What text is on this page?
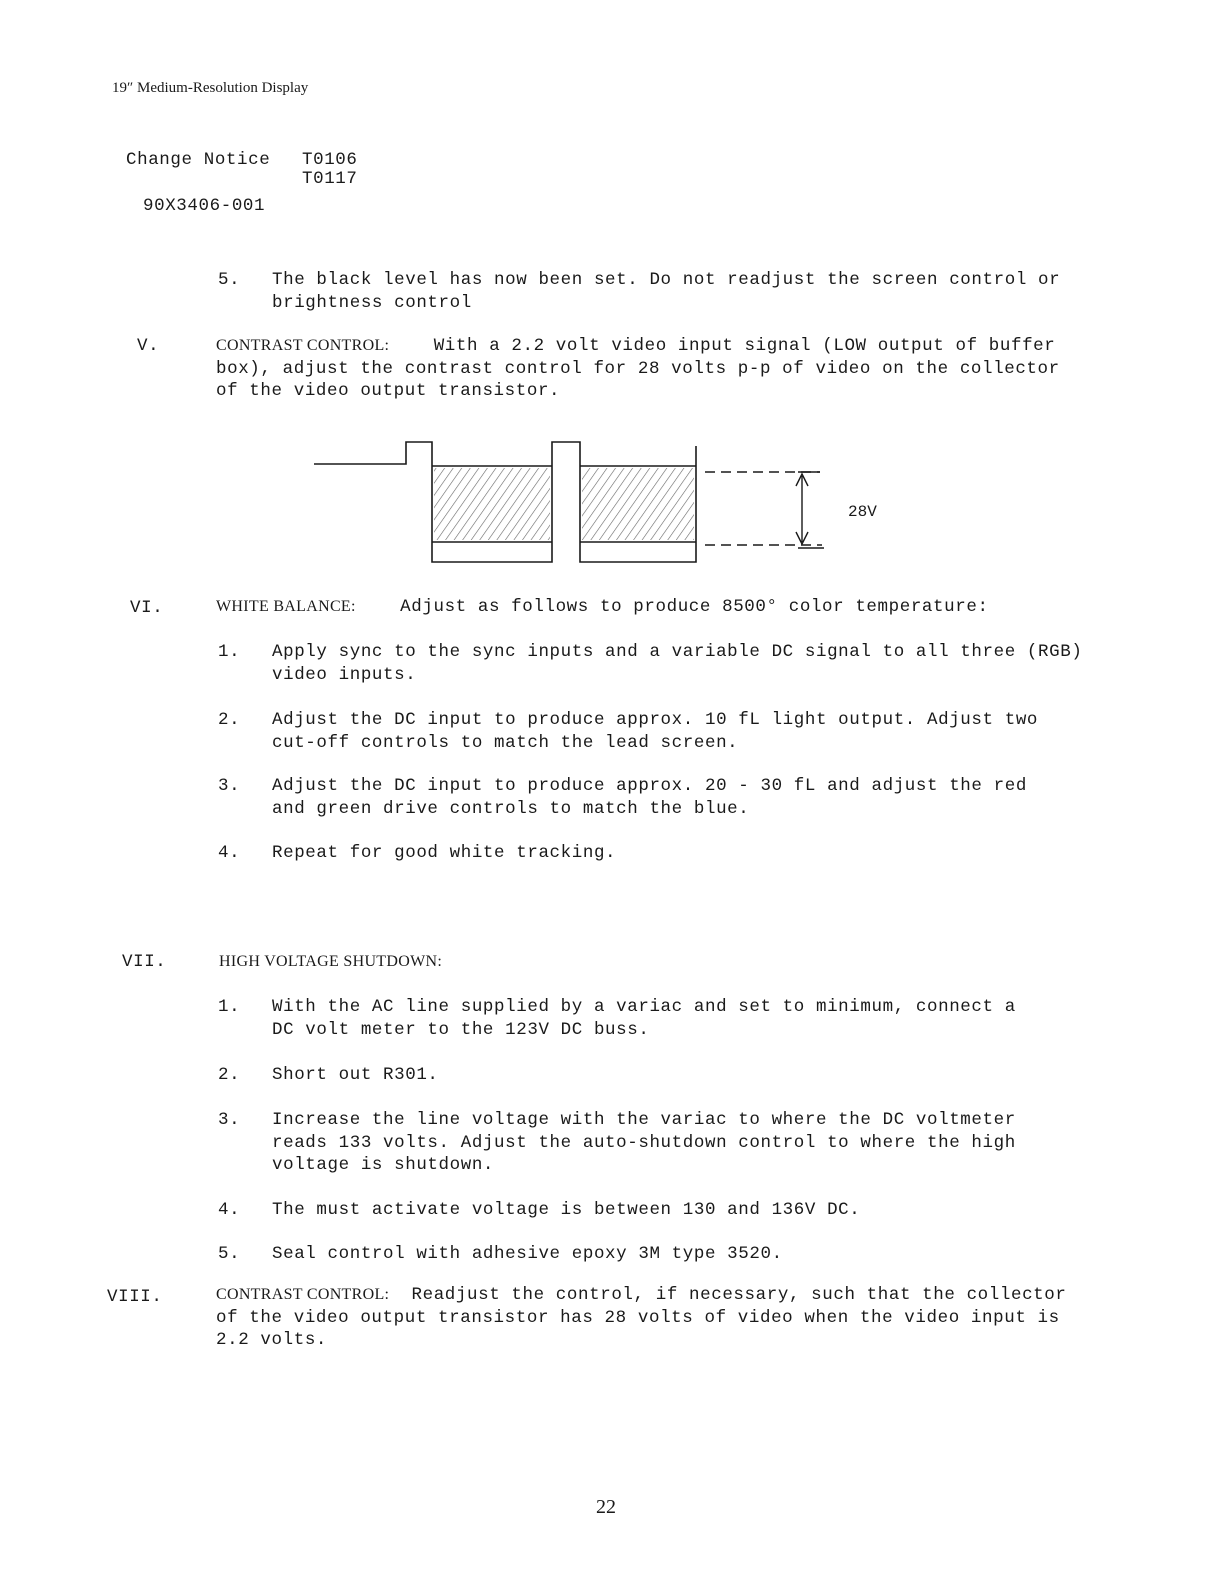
19″ Medium-Resolution Display
Change Notice T0106
T0117
90X3406-001
5. The black level has now been set. Do not readjust the screen control or brightness control
V.	CONTRAST CONTROL:	With a 2.2 volt video input signal (LOW output of buffer box), adjust the contrast control for 28 volts p-p of video on the collector of the video output transistor.
28V
VI.	WHITE BALANCE:	Adjust as follows to produce 8500° color temperature:
1. Apply sync to the sync inputs and a variable DC signal to all three (RGB) video inputs.
2. Adjust the DC input to produce approx. 10 fL light output. Adjust two cut-off controls to match the lead screen.
3. Adjust the DC input to produce approx. 20 - 30 fL and adjust the red and green drive controls to match the blue.
4. Repeat for good white tracking.
VII.	HIGH VOLTAGE SHUTDOWN:
1. With the AC line supplied by a variac and set to minimum, connect a DC volt meter to the 123V DC buss.
2. Short out R301.
3. Increase the line voltage with the variac to where the DC voltmeter reads 133 volts. Adjust the auto-shutdown control to where the high voltage is shutdown.
4. The must activate voltage is between 130 and 136V DC.
5. Seal control with adhesive epoxy 3M type 3520.
VIII.	CONTRAST CONTROL: Readjust the control, if necessary, such that the collector of the video output transistor has 28 volts of video when the video input is 2.2 volts.
22
